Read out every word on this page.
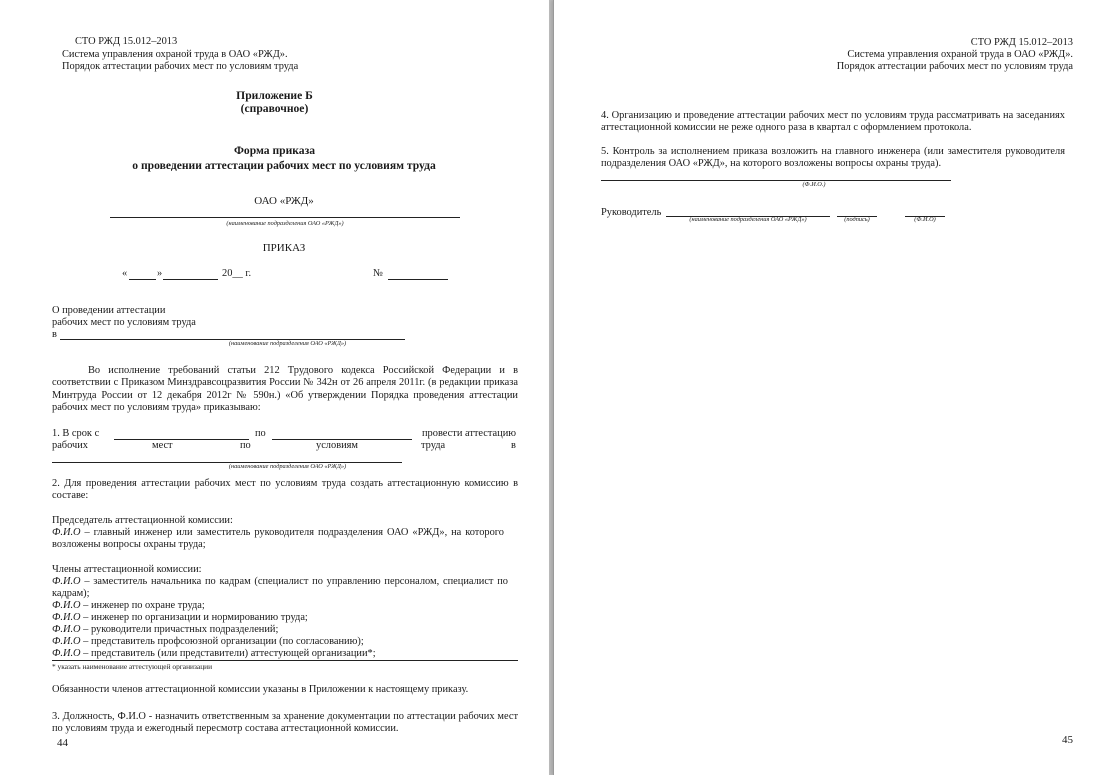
СТО РЖД 15.012–2013
Система управления охраной труда в ОАО «РЖД».
Порядок аттестации рабочих мест по условиям труда
Приложение Б
(справочное)
Форма приказа
о проведении аттестации рабочих мест по условиям труда
ОАО «РЖД»
(наименование подразделения ОАО «РЖД»)
ПРИКАЗ
«	»	20__ г.	№
О проведении аттестации
рабочих мест по условиям труда
в
(наименование подразделения ОАО «РЖД»)
Во исполнение требований статьи 212 Трудового кодекса Российской Федерации и в соответствии с Приказом Минздравсоцразвития России № 342н от 26 апреля 2011г. (в редакции приказа Минтруда России от 12 декабря 2012г № 590н.) «Об утверждении Порядка проведения аттестации рабочих мест по условиям труда» приказываю:
1. В срок с	по	провести аттестацию
рабочих	мест	по	условиям	труда	в
(наименование подразделения ОАО «РЖД»)
2. Для проведения аттестации рабочих мест по условиям труда создать аттестационную комиссию в составе:
Председатель аттестационной комиссии:
Ф.И.О – главный инженер или заместитель руководителя подразделения ОАО «РЖД», на которого возложены вопросы охраны труда;
Члены аттестационной комиссии:
Ф.И.О – заместитель начальника по кадрам (специалист по управлению персоналом, специалист по кадрам);
Ф.И.О – инженер по охране труда;
Ф.И.О – инженер по организации и нормированию труда;
Ф.И.О – руководители причастных подразделений;
Ф.И.О – представитель профсоюзной организации (по согласованию);
Ф.И.О – представитель (или представители) аттестующей организации*;
* указать наименование аттестующей организации
Обязанности членов аттестационной комиссии указаны в Приложении к настоящему приказу.
3. Должность, Ф.И.О - назначить ответственным за хранение документации по аттестации рабочих мест по условиям труда и ежегодный пересмотр состава аттестационной комиссии.
44
СТО РЖД 15.012–2013
Система управления охраной труда в ОАО «РЖД».
Порядок аттестации рабочих мест по условиям труда
4. Организацию и проведение аттестации рабочих мест по условиям труда рассматривать на заседаниях аттестационной комиссии не реже одного раза в квартал с оформлением протокола.
5. Контроль за исполнением приказа возложить на главного инженера (или заместителя руководителя подразделения ОАО «РЖД», на которого возложены вопросы охраны труда).
(Ф.И.О.)
Руководитель
(наименование подразделения ОАО «РЖД»)	(подпись)	(Ф.И.О)
45
